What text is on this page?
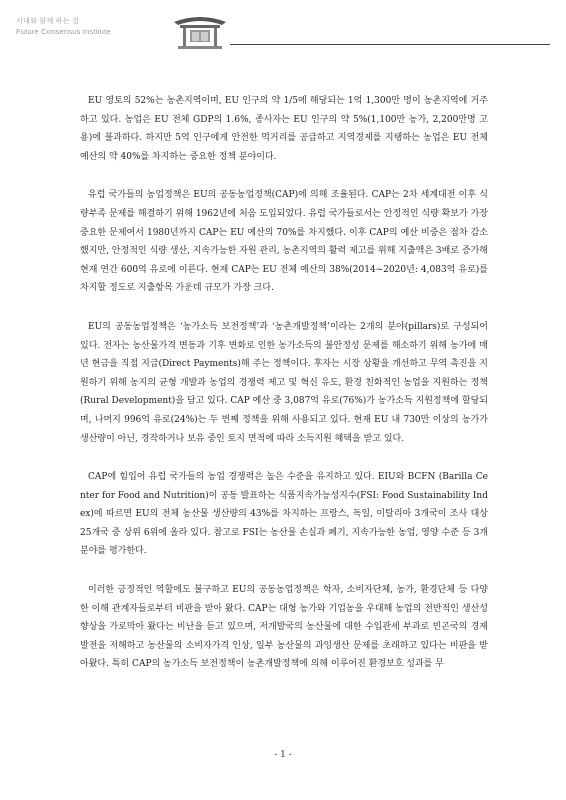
시대와 함께 하는 집
Future Consensus Institute

EU 영토의 52%는 농촌지역이며, EU 인구의 약 1/5에 해당되는 1억 1,300만 명이 농촌지역에 거주하고 있다. 농업은 EU 전체 GDP의 1.6%, 종사자는 EU 인구의 약 5%(1,100만 농가, 2,200만명 고용)에 불과하다. 하지만 5억 인구에게 안전한 먹거리를 공급하고 지역경제를 지탱하는 농업은 EU 전체 예산의 약 40%를 차지하는 중요한 정책 분야이다.

유럽 국가들의 농업정책은 EU의 공동농업정책(CAP)에 의해 조율된다. CAP는 2차 세계대전 이후 식량부족 문제를 해결하기 위해 1962년에 처음 도입되었다. 유럽 국가들로서는 안정적인 식량 확보가 가장 중요한 문제여서 1980년까지 CAP는 EU 예산의 70%를 차지했다. 이후 CAP의 예산 비중은 점차 감소했지만, 안정적인 식량 생산, 지속가능한 자원 관리, 농촌지역의 활력 제고를 위해 지출액은 3배로 증가해 현재 연간 600억 유로에 이른다. 현재 CAP는 EU 전체 예산의 38%(2014~2020년: 4,083억 유로)를 차지할 정도로 지출항목 가운데 규모가 가장 크다.

EU의 공동농업정책은 ‘농가소득 보전정책’과 ‘농촌개발정책’이라는 2개의 분야(pillars)로 구성되어 있다. 전자는 농산물가격 변동과 기후 변화로 인한 농가소득의 불안정성 문제를 해소하기 위해 농가에 매년 현금을 직접 지급(Direct Payments)해 주는 정책이다. 후자는 시장 상황을 개선하고 무역 촉진을 지원하기 위해 농지의 균형 개발과 농업의 경쟁력 제고 및 혁신 유도, 환경 친화적인 농업을 지원하는 정책(Rural Development)을 담고 있다. CAP 예산 중 3,087억 유로(76%)가 농가소득 지원정책에 할당되며, 나머지 996억 유로(24%)는 두 번째 정책을 위해 사용되고 있다. 현재 EU 내 730만 이상의 농가가 생산량이 아닌, 경작하거나 보유 중인 토지 면적에 따라 소득지원 혜택을 받고 있다.

CAP에 힘입어 유럽 국가들의 농업 경쟁력은 높은 수준을 유지하고 있다. EIU와 BCFN (Barilla Center for Food and Nutrition)이 공동 발표하는 식품지속가능성지수(FSI: Food Sustainability Index)에 따르면 EU의 전체 농산물 생산량의 43%를 차지하는 프랑스, 독일, 이탈리아 3개국이 조사 대상 25개국 중 상위 6위에 올라 있다. 참고로 FSI는 농산물 손실과 폐기, 지속가능한 농업, 영양 수준 등 3개 분야를 평가한다.

이러한 긍정적인 역할에도 불구하고 EU의 공동농업정책은 학자, 소비자단체, 농가, 환경단체 등 다양한 이해 관계자들로부터 비판을 받아 왔다. CAP는 대형 농가와 기업농을 우대해 농업의 전반적인 생산성 향상을 가로막아 왔다는 비난을 듣고 있으며, 저개발국의 농산물에 대한 수입관세 부과로 빈곤국의 경제발전을 저해하고 농산물의 소비자가격 인상, 일부 농산물의 과잉생산 문제를 초래하고 있다는 비판을 받아왔다. 특히 CAP의 농가소득 보전정책이 농촌개발정책에 의해 이루어진 환경보호 성과를 무

- 1 -
